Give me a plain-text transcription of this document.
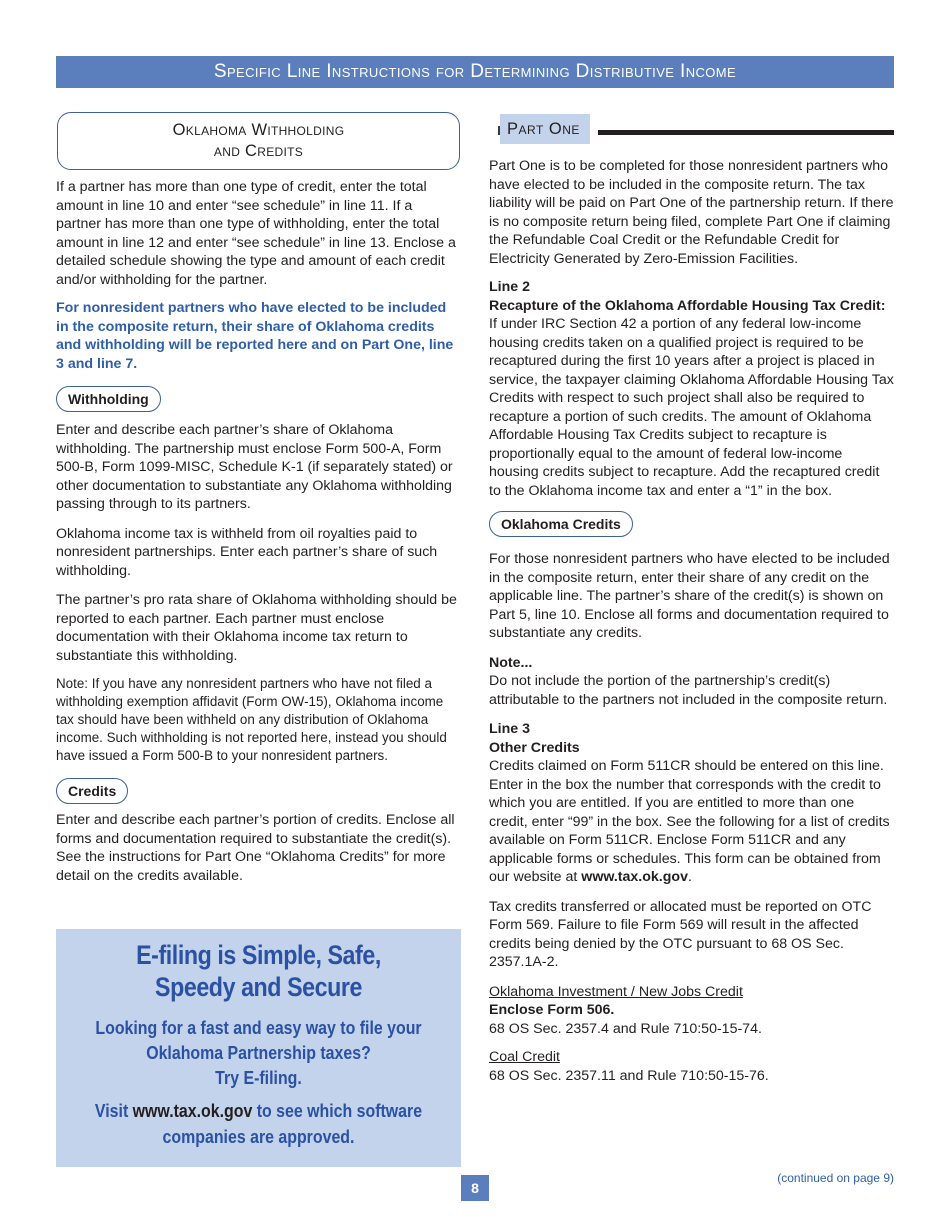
Specific Line Instructions for Determining Distributive Income
Oklahoma Withholding
and Credits

If a partner has more than one type of credit, enter the total amount in line 10 and enter “see schedule” in line 11. If a partner has more than one type of withholding, enter the total amount in line 12 and enter “see schedule” in line 13. Enclose a detailed schedule showing the type and amount of each credit and/or withholding for the partner.

For nonresident partners who have elected to be included in the composite return, their share of Oklahoma credits and withholding will be reported here and on Part One, line 3 and line 7.

Withholding

Enter and describe each partner’s share of Oklahoma withholding. The partnership must enclose Form 500-A, Form 500-B, Form 1099-MISC, Schedule K-1 (if separately stated) or other documentation to substantiate any Oklahoma withholding passing through to its partners.

Oklahoma income tax is withheld from oil royalties paid to nonresident partnerships. Enter each partner’s share of such withholding.

The partner’s pro rata share of Oklahoma withholding should be reported to each partner. Each partner must enclose documentation with their Oklahoma income tax return to substantiate this withholding.

Note: If you have any nonresident partners who have not filed a withholding exemption affidavit (Form OW-15), Oklahoma income tax should have been withheld on any distribution of Oklahoma income. Such withholding is not reported here, instead you should have issued a Form 500-B to your nonresident partners.

Credits

Enter and describe each partner’s portion of credits. Enclose all forms and documentation required to substantiate the credit(s). See the instructions for Part One “Oklahoma Credits” for more detail on the credits available.

E-filing is Simple, Safe,
Speedy and Secure
Looking for a fast and easy way to file your
Oklahoma Partnership taxes?
Try E-filing.
Visit www.tax.ok.gov to see which software
companies are approved.
Part One

Part One is to be completed for those nonresident partners who have elected to be included in the composite return. The tax liability will be paid on Part One of the partnership return. If there is no composite return being filed, complete Part One if claiming the Refundable Coal Credit or the Refundable Credit for Electricity Generated by Zero-Emission Facilities.

Line 2

Recapture of the Oklahoma Affordable Housing Tax Credit:

If under IRC Section 42 a portion of any federal low-income housing credits taken on a qualified project is required to be recaptured during the first 10 years after a project is placed in service, the taxpayer claiming Oklahoma Affordable Housing Tax Credits with respect to such project shall also be required to recapture a portion of such credits. The amount of Oklahoma Affordable Housing Tax Credits subject to recapture is proportionally equal to the amount of federal low-income housing credits subject to recapture. Add the recaptured credit to the Oklahoma income tax and enter a “1” in the box.

Oklahoma Credits

For those nonresident partners who have elected to be included in the composite return, enter their share of any credit on the applicable line. The partner’s share of the credit(s) is shown on Part 5, line 10. Enclose all forms and documentation required to substantiate any credits.

Note...

Do not include the portion of the partnership’s credit(s) attributable to the partners not included in the composite return.

Line 3

Other Credits

Credits claimed on Form 511CR should be entered on this line. Enter in the box the number that corresponds with the credit to which you are entitled. If you are entitled to more than one credit, enter “99” in the box. See the following for a list of credits available on Form 511CR. Enclose Form 511CR and any applicable forms or schedules. This form can be obtained from our website at www.tax.ok.gov.

Tax credits transferred or allocated must be reported on OTC Form 569. Failure to file Form 569 will result in the affected credits being denied by the OTC pursuant to 68 OS Sec. 2357.1A-2.

Oklahoma Investment / New Jobs Credit

Enclose Form 506.

68 OS Sec. 2357.4 and Rule 710:50-15-74.

Coal Credit

68 OS Sec. 2357.11 and Rule 710:50-15-76.

8
(continued on page 9)
